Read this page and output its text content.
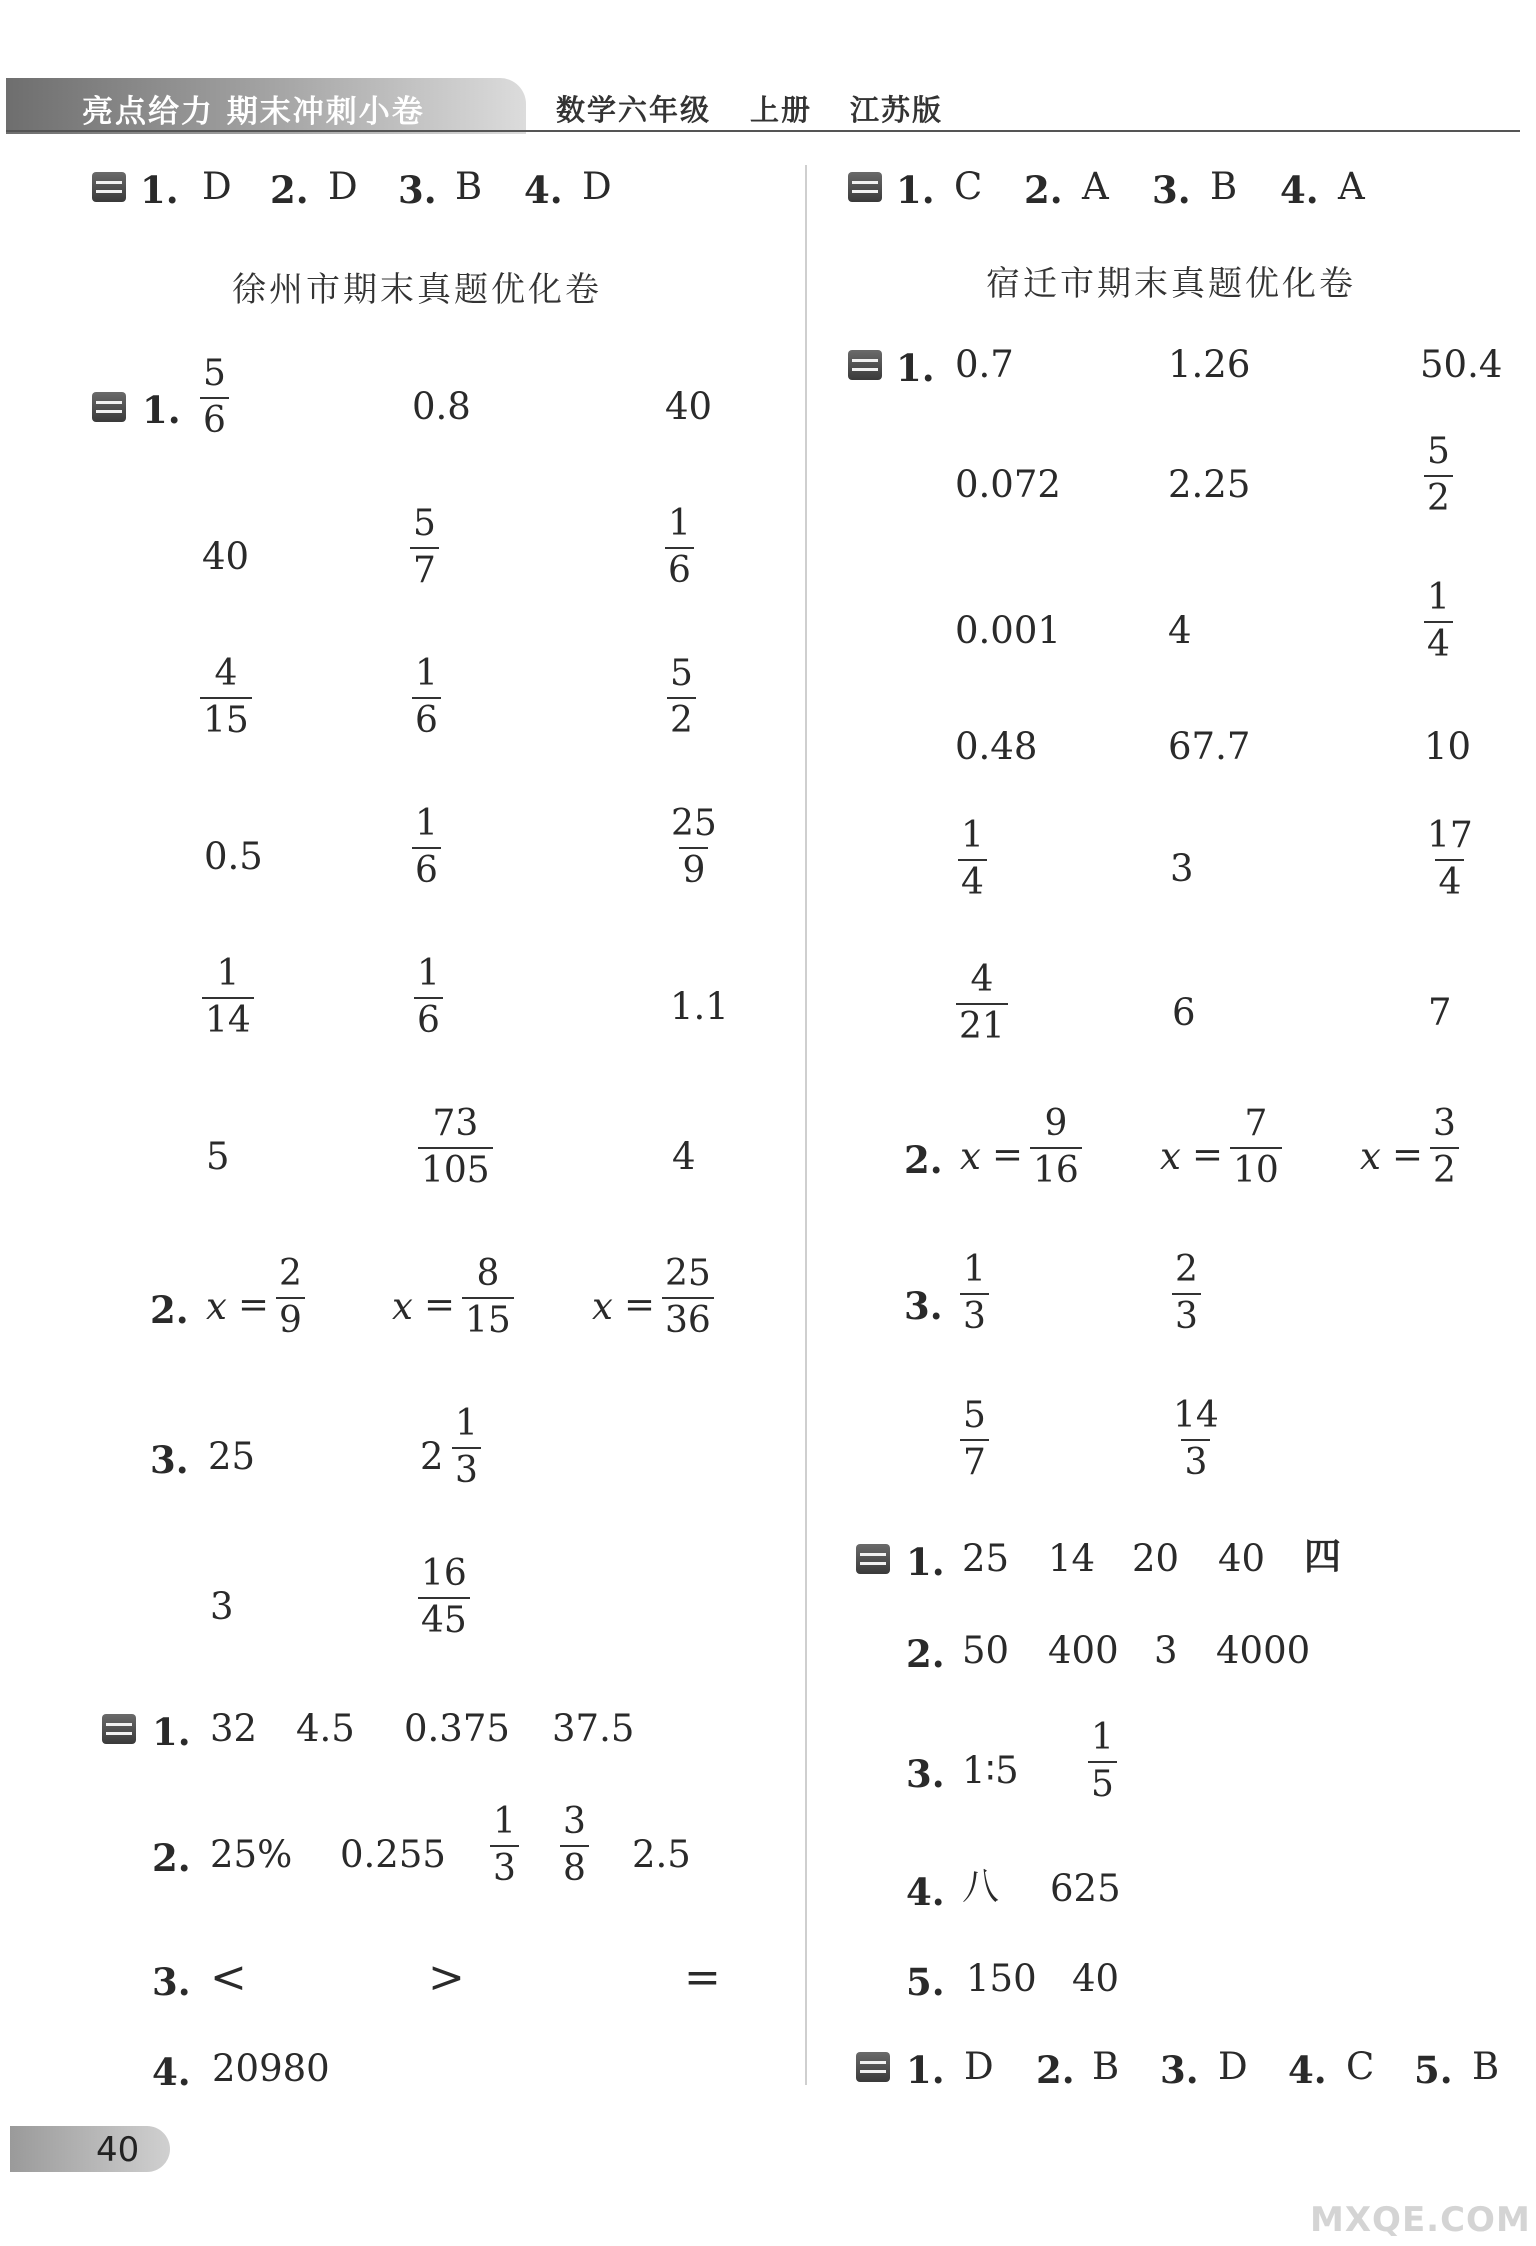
亮点给力 期末冲刺小卷	数学六年级 上册 江苏版
1. D 2. D 3. B 4. D
徐州市期末真题优化卷
1. $\frac{5}{6}$	0.8	40
40	$\frac{5}{7}$	$\frac{1}{6}$
$\frac{4}{15}$	$\frac{1}{6}$	$\frac{5}{2}$
0.5	$\frac{1}{6}$	$\frac{25}{9}$
$\frac{1}{14}$	$\frac{1}{6}$	1.1
5	$\frac{73}{105}$	4
2. $x = \frac{2}{9}$ $x = \frac{8}{15}$ $x = \frac{25}{36}$
3. 25	$2 \frac{1}{3}$
3	$\frac{16}{45}$
1. 32 4.5 0.375 37.5
2. 25% $0.255 \frac{1}{3} \frac{3}{8} 2.5$
3. <	>	=
4. 20980
1. C 2. A 3. B 4. A
宿迁市期末真题优化卷
1. 0.7	1.26	50.4
0.072	2.25	$\frac{5}{2}$
0.001	4	$\frac{1}{4}$
0.48	67.7	10
$\frac{1}{4}$	3	$\frac{17}{4}$
$\frac{4}{21}$	6	7
2. $x = \frac{9}{16}$ $x = \frac{7}{10}$ $x = \frac{3}{2}$
3. $\frac{1}{3}$	$\frac{2}{3}$
$\frac{5}{7}$	$\frac{14}{3}$
1. 25 14 20 40 四
2. 50 400 3 4000
3. 1∶5 $\frac{1}{5}$
4. 八 625
5. 150 40
1. D 2. B 3. D 4. C 5. B
40
MXQE.COM
